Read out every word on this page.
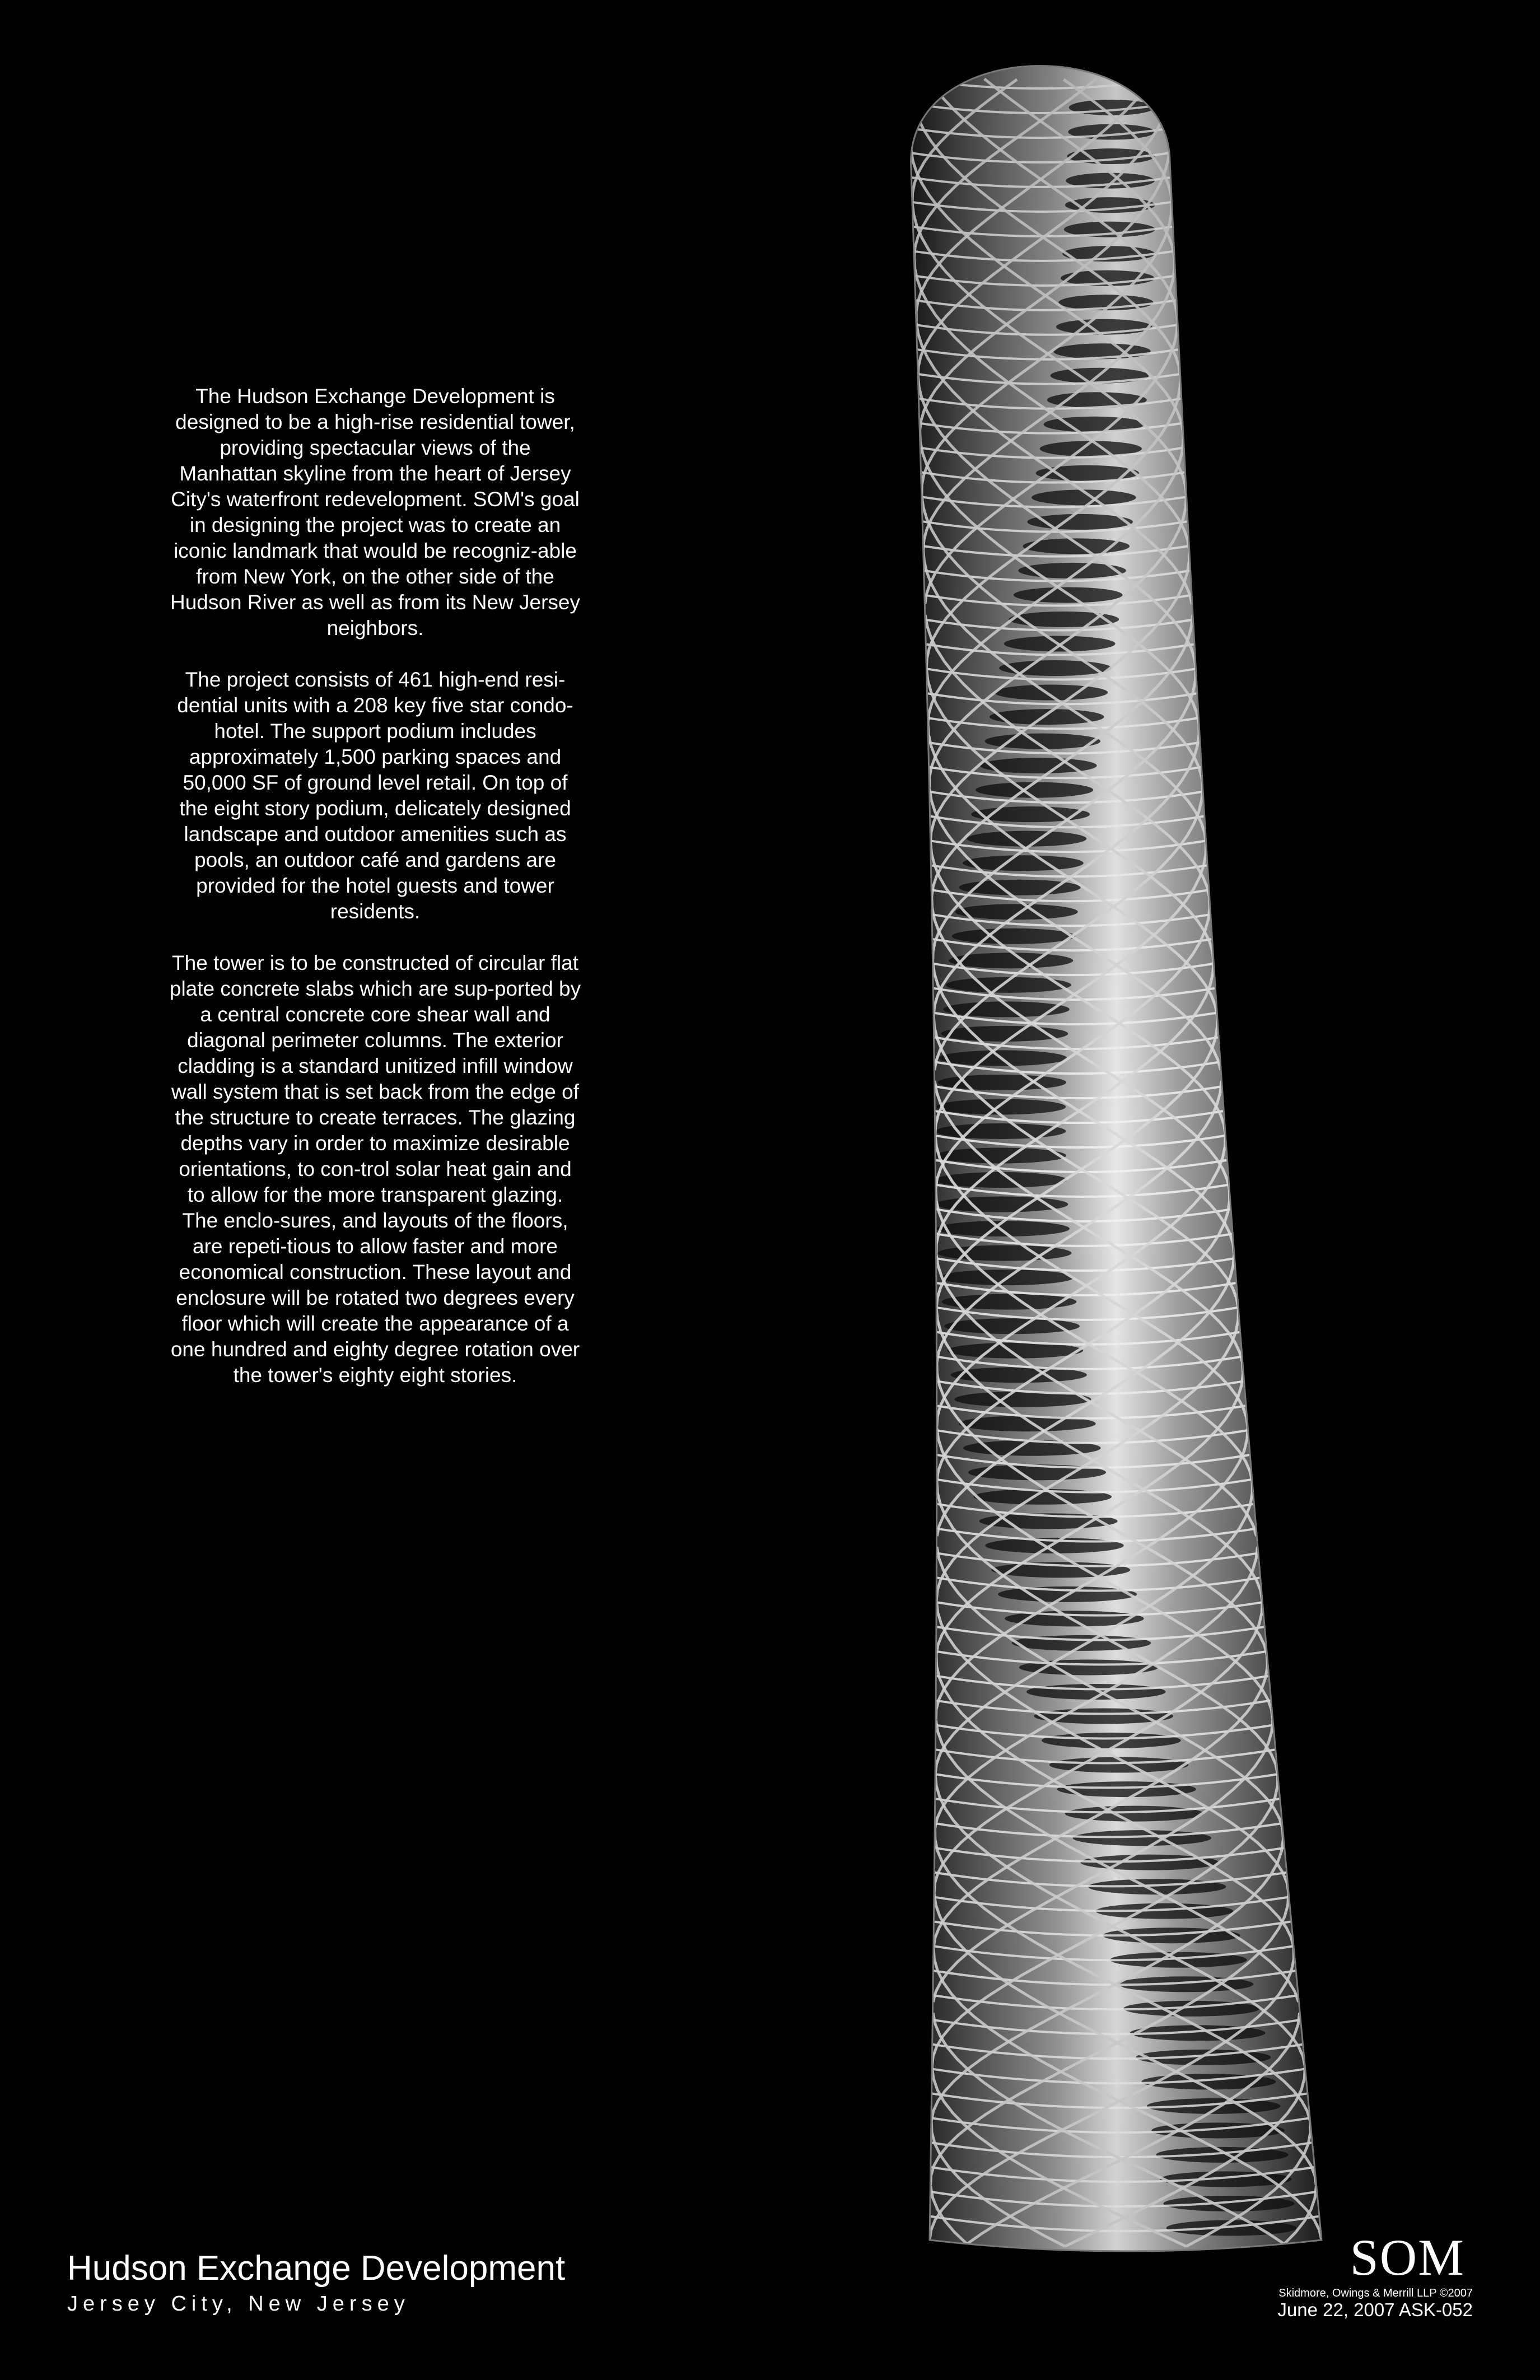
The Hudson Exchange Development is designed to be a high-rise residential tower, providing spectacular views of the Manhattan skyline from the heart of Jersey City's waterfront redevelopment. SOM's goal in designing the project was to create an iconic landmark that would be recogniz-able from New York, on the other side of the Hudson River as well as from its New Jersey neighbors.

The project consists of 461 high-end resi-dential units with a 208 key five star condo-hotel. The support podium includes approximately 1,500 parking spaces and 50,000 SF of ground level retail. On top of the eight story podium, delicately designed landscape and outdoor amenities such as pools, an outdoor café and gardens are provided for the hotel guests and tower residents.

The tower is to be constructed of circular flat plate concrete slabs which are sup-ported by a central concrete core shear wall and diagonal perimeter columns. The exterior cladding is a standard unitized infill window wall system that is set back from the edge of the structure to create terraces. The glazing depths vary in order to maximize desirable orientations, to con-trol solar heat gain and to allow for the more transparent glazing. The enclo-sures, and layouts of the floors, are repeti-tious to allow faster and more economical construction. These layout and enclosure will be rotated two degrees every floor which will create the appearance of a one hundred and eighty degree rotation over the tower's eighty eight stories.

Hudson Exchange Development
Jersey City, New Jersey
SOM
Skidmore, Owings & Merrill LLP ©2007
June 22, 2007 ASK-052
